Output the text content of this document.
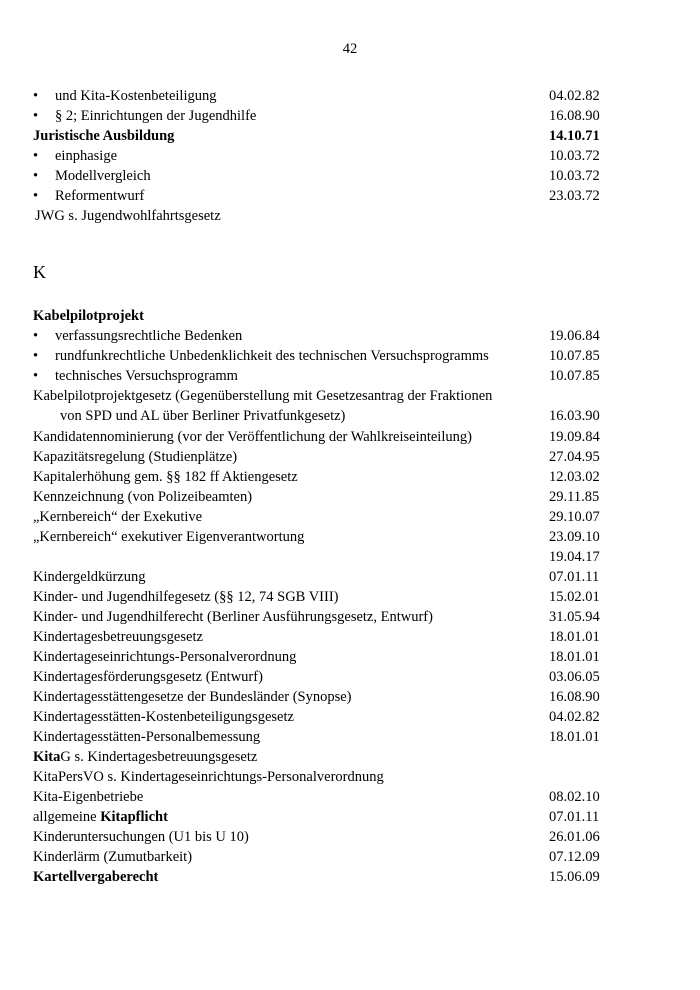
42
• und Kita-Kostenbeteiligung	04.02.82
• § 2; Einrichtungen der Jugendhilfe	16.08.90
Juristische Ausbildung	14.10.71
• einphasige	10.03.72
• Modellvergleich	10.03.72
• Reformentwurf	23.03.72
JWG s. Jugendwohlfahrtsgesetz
K
Kabelpilotprojekt
• verfassungsrechtliche Bedenken	19.06.84
• rundfunkrechtliche Unbedenklichkeit des technischen Versuchsprogramms	10.07.85
• technisches Versuchsprogramm	10.07.85
Kabelpilotprojektgesetz (Gegenüberstellung mit Gesetzesantrag der Fraktionen
von SPD und AL über Berliner Privatfunkgesetz)	16.03.90
Kandidatennominierung (vor der Veröffentlichung der Wahlkreiseinteilung)	19.09.84
Kapazitätsregelung (Studienplätze)	27.04.95
Kapitalerhöhung gem. §§ 182 ff Aktiengesetz	12.03.02
Kennzeichnung (von Polizeibeamten)	29.11.85
„Kernbereich“ der Exekutive	29.10.07
„Kernbereich“ exekutiver Eigenverantwortung	23.09.10
19.04.17
Kindergeldkürzung	07.01.11
Kinder- und Jugendhilfegesetz (§§ 12, 74 SGB VIII)	15.02.01
Kinder- und Jugendhilferecht (Berliner Ausführungsgesetz, Entwurf)	31.05.94
Kindertagesbetreuungsgesetz	18.01.01
Kindertageseinrichtungs-Personalverordnung	18.01.01
Kindertagesförderungsgesetz (Entwurf)	03.06.05
Kindertagesstättengesetze der Bundesländer (Synopse)	16.08.90
Kindertagesstätten-Kostenbeteiligungsgesetz	04.02.82
Kindertagesstätten-Personalbemessung	18.01.01
KitaG s. Kindertagesbetreuungsgesetz
KitaPersVO s. Kindertageseinrichtungs-Personalverordnung
Kita-Eigenbetriebe	08.02.10
allgemeine Kitapflicht	07.01.11
Kinderuntersuchungen (U1 bis U 10)	26.01.06
Kinderlärm (Zumutbarkeit)	07.12.09
Kartellvergaberecht	15.06.09
